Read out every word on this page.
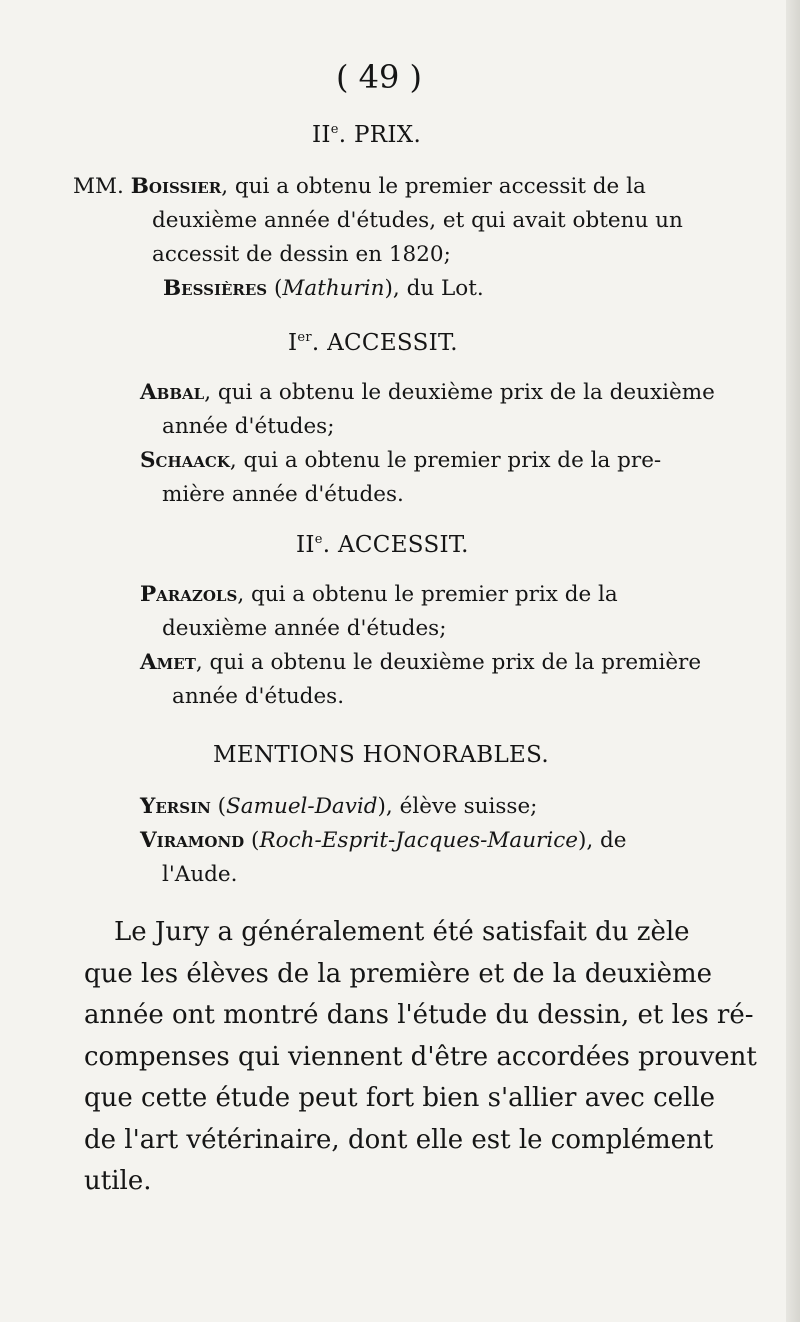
( 49 )
IIe. PRIX.
MM. Boissier, qui a obtenu le premier accessit de la
deuxième année d'études, et qui avait obtenu un
accessit de dessin en 1820;
Bessières (Mathurin), du Lot.
Ier. ACCESSIT.
Abbal, qui a obtenu le deuxième prix de la deuxième
année d'études;
Schaack, qui a obtenu le premier prix de la pre-
mière année d'études.
IIe. ACCESSIT.
Parazols, qui a obtenu le premier prix de la
deuxième année d'études;
Amet, qui a obtenu le deuxième prix de la première
année d'études.
MENTIONS HONORABLES.
Yersin (Samuel-David), élève suisse;
Viramond (Roch-Esprit-Jacques-Maurice), de
l'Aude.
Le Jury a généralement été satisfait du zèle
que les élèves de la première et de la deuxième
année ont montré dans l'étude du dessin, et les ré-
compenses qui viennent d'être accordées prouvent
que cette étude peut fort bien s'allier avec celle
de l'art vétérinaire, dont elle est le complément
utile.
